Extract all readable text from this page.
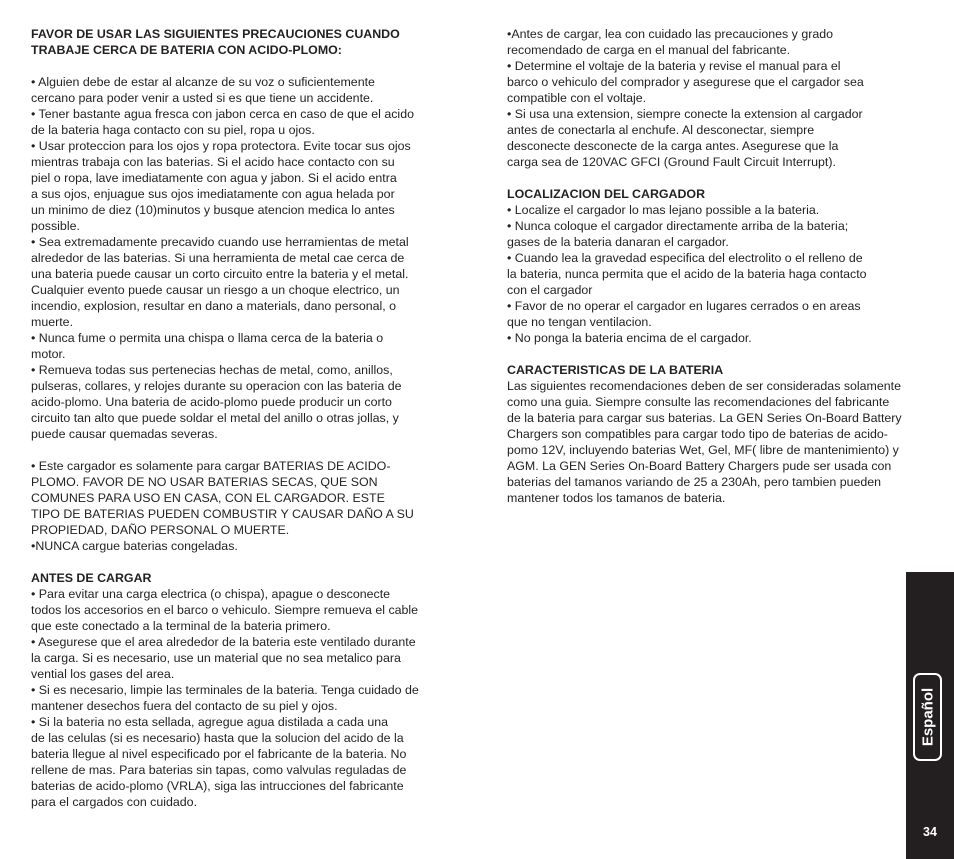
FAVOR DE USAR LAS SIGUIENTES PRECAUCIONES CUANDO
TRABAJE CERCA DE BATERIA CON ACIDO-PLOMO:
• Alguien debe de estar al alcanze de su voz o suficientemente
cercano para poder venir a usted si es que tiene un accidente.
• Tener bastante agua fresca con jabon cerca en caso de que el acido
de la bateria haga contacto con su piel, ropa u ojos.
• Usar proteccion para los ojos y ropa protectora. Evite tocar sus ojos
mientras trabaja con las baterias. Si el acido hace contacto con su
piel o ropa, lave imediatamente con agua y jabon. Si el acido entra
a sus ojos, enjuague sus ojos imediatamente con agua helada por
un minimo de diez (10)minutos y busque atencion medica lo antes
possible.
• Sea extremadamente precavido cuando use herramientas de metal
alrededor de las baterias. Si una herramienta de metal cae cerca de
una bateria puede causar un corto circuito entre la bateria y el metal.
Cualquier evento puede causar un riesgo a un choque electrico, un
incendio, explosion, resultar en dano a materials, dano personal, o
muerte.
• Nunca fume o permita una chispa o llama cerca de la bateria o
motor.
• Remueva todas sus pertenecias hechas de metal, como, anillos,
pulseras, collares, y relojes durante su operacion con las bateria de
acido-plomo. Una bateria de acido-plomo puede producir un corto
circuito tan alto que puede soldar el metal del anillo o otras jollas, y
puede causar quemadas severas.
• Este cargador es solamente para cargar BATERIAS DE ACIDO-
PLOMO. FAVOR DE NO USAR BATERIAS SECAS, QUE SON
COMUNES PARA USO EN CASA, CON EL CARGADOR. ESTE
TIPO DE BATERIAS PUEDEN COMBUSTIR Y CAUSAR DAÑO A SU
PROPIEDAD, DAÑO PERSONAL O MUERTE.
•NUNCA cargue baterias congeladas.
ANTES DE CARGAR
• Para evitar una carga electrica (o chispa), apague o desconecte
todos los accesorios en el barco o vehiculo. Siempre remueva el cable
que este conectado a la terminal de la bateria primero.
• Asegurese que el area alrededor de la bateria este ventilado durante
la carga. Si es necesario, use un material que no sea metalico para
vential los gases del area.
• Si es necesario, limpie las terminales de la bateria. Tenga cuidado de
mantener desechos fuera del contacto de su piel y ojos.
• Si la bateria no esta sellada, agregue agua distilada a cada una
de las celulas (si es necesario) hasta que la solucion del acido de la
bateria llegue al nivel especificado por el fabricante de la bateria. No
rellene de mas. Para baterias sin tapas, como valvulas reguladas de
baterias de acido-plomo (VRLA), siga las intrucciones del fabricante
para el cargados con cuidado.
•Antes de cargar, lea con cuidado las precauciones y grado
recomendado de carga en el manual del fabricante.
• Determine el voltaje de la bateria y revise el manual para el
barco o vehiculo del comprador y asegurese que el cargador sea
compatible con el voltaje.
• Si usa una extension, siempre conecte la extension al cargador
antes de conectarla al enchufe. Al desconectar, siempre
desconecte desconecte de la carga antes. Asegurese que la
carga sea de 120VAC GFCI (Ground Fault Circuit Interrupt).
LOCALIZACION DEL CARGADOR
• Localize el cargador lo mas lejano possible a la bateria.
• Nunca coloque el cargador directamente arriba de la bateria;
gases de la bateria danaran el cargador.
• Cuando lea la gravedad especifica del electrolito o el relleno de
la bateria, nunca permita que el acido de la bateria haga contacto
con el cargador
• Favor de no operar el cargador en lugares cerrados o en areas
que no tengan ventilacion.
• No ponga la bateria encima de el cargador.
CARACTERISTICAS DE LA BATERIA
Las siguientes recomendaciones deben de ser consideradas solamente
como una guia. Siempre consulte las recomendaciones del fabricante
de la bateria para cargar sus baterias. La GEN Series On-Board Battery
Chargers son compatibles para cargar todo tipo de baterias de acido-
pomo 12V, incluyendo baterias Wet, Gel, MF( libre de mantenimiento) y
AGM. La GEN Series On-Board Battery Chargers pude ser usada con
baterias del tamanos variando de 25 a 230Ah, pero tambien pueden
mantener todos los tamanos de bateria.
Español
34
